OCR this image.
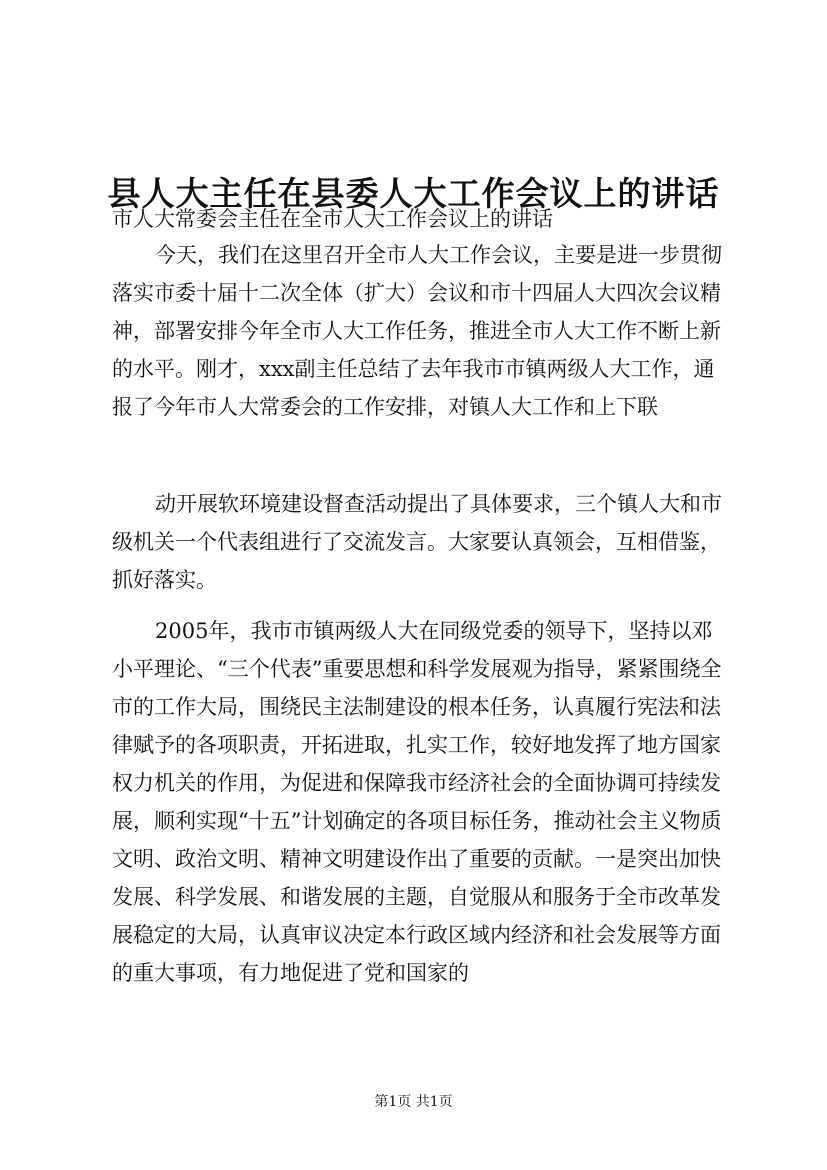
县人大主任在县委人大工作会议上的讲话
市人大常委会主任在全市人大工作会议上的讲话
今天，我们在这里召开全市人大工作会议，主要是进一步贯彻落实市委十届十二次全体（扩大）会议和市十四届人大四次会议精神，部署安排今年全市人大工作任务，推进全市人大工作不断上新的水平。刚才，xxx副主任总结了去年我市市镇两级人大工作，通报了今年市人大常委会的工作安排，对镇人大工作和上下联
动开展软环境建设督查活动提出了具体要求，三个镇人大和市级机关一个代表组进行了交流发言。大家要认真领会，互相借鉴，抓好落实。
2005年，我市市镇两级人大在同级党委的领导下，坚持以邓小平理论、“三个代表”重要思想和科学发展观为指导，紧紧围绕全市的工作大局，围绕民主法制建设的根本任务，认真履行宪法和法律赋予的各项职责，开拓进取，扎实工作，较好地发挥了地方国家权力机关的作用，为促进和保障我市经济社会的全面协调可持续发展，顺利实现“十五”计划确定的各项目标任务，推动社会主义物质文明、政治文明、精神文明建设作出了重要的贡献。一是突出加快发展、科学发展、和谐发展的主题，自觉服从和服务于全市改革发展稳定的大局，认真审议决定本行政区域内经济和社会发展等方面的重大事项，有力地促进了党和国家的
第1页 共1页
